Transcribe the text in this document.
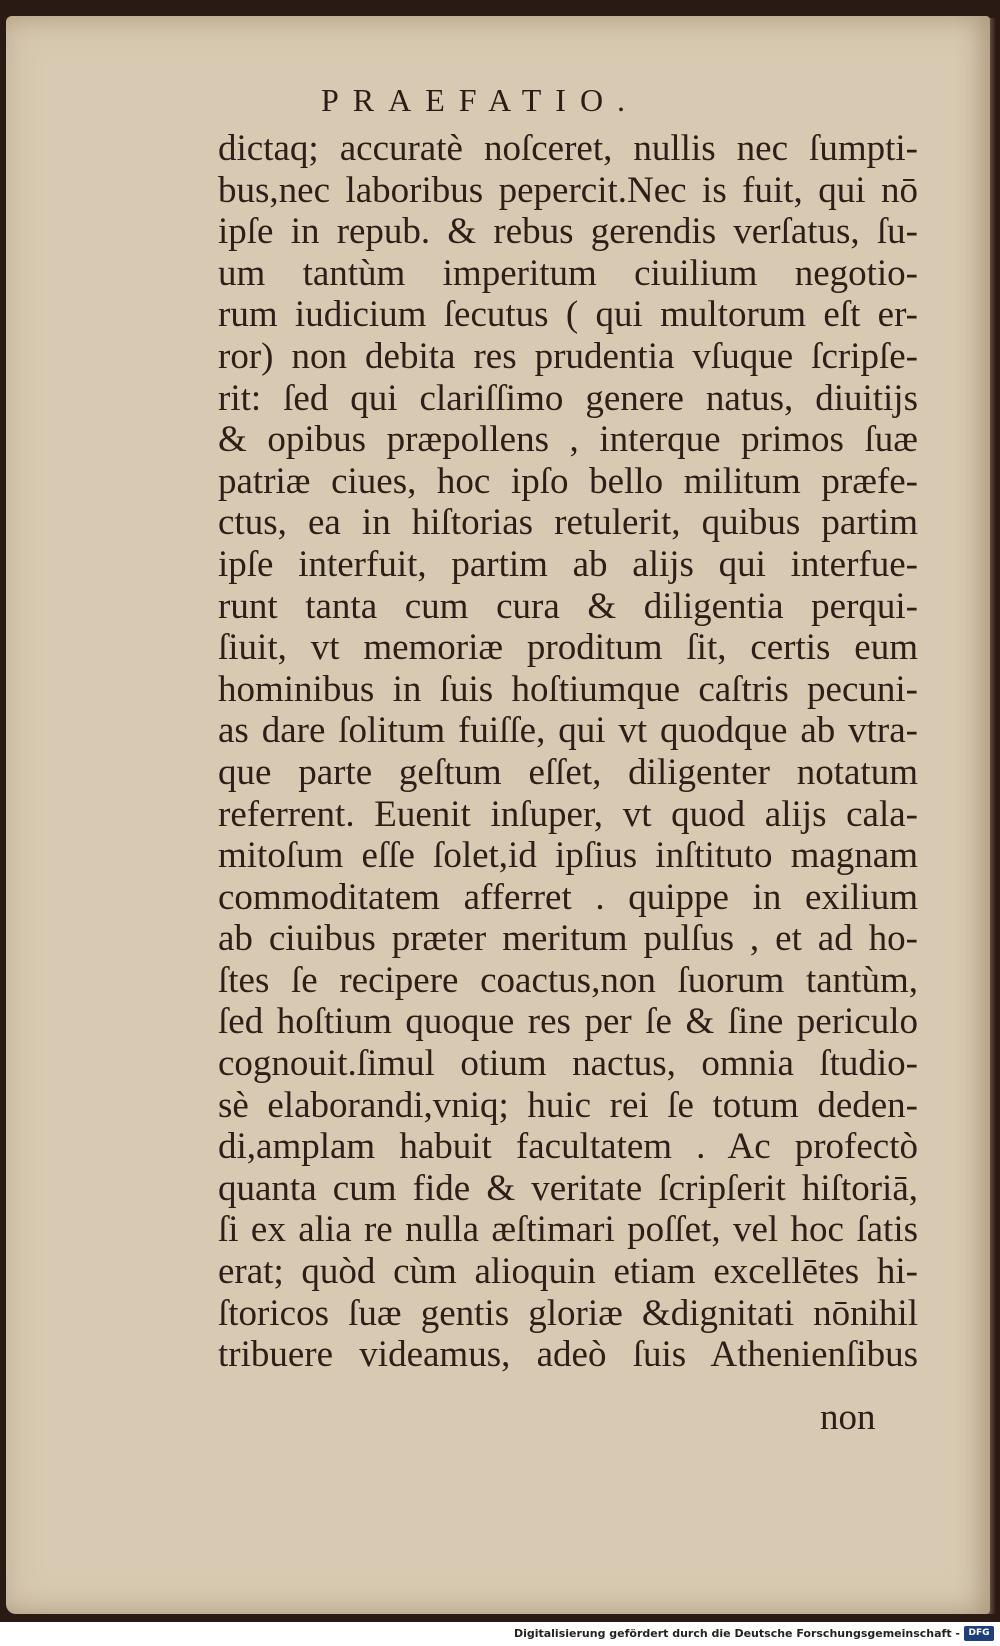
PRAEFATIO.
dictaq; accuratè noſceret, nullis nec ſumpti-
bus,nec laboribus pepercit.Nec is fuit, qui nō
ipſe in repub. & rebus gerendis verſatus, ſu-
um tantùm imperitum ciuilium negotio-
rum iudicium ſecutus ( qui multorum eſt er-
ror) non debita res prudentia vſuque ſcripſe-
rit: ſed qui clariſſimo genere natus, diuitijs
& opibus præpollens , interque primos ſuæ
patriæ ciues, hoc ipſo bello militum præfe-
ctus, ea in hiſtorias retulerit, quibus partim
ipſe interfuit, partim ab alijs qui interfue-
runt tanta cum cura & diligentia perqui-
ſiuit, vt memoriæ proditum ſit, certis eum
hominibus in ſuis hoſtiumque caſtris pecuni-
as dare ſolitum fuiſſe, qui vt quodque ab vtra-
que parte geſtum eſſet, diligenter notatum
referrent. Euenit inſuper, vt quod alijs cala-
mitoſum eſſe ſolet,id ipſius inſtituto magnam
commoditatem afferret . quippe in exilium
ab ciuibus præter meritum pulſus , et ad ho-
ſtes ſe recipere coactus,non ſuorum tantùm,
ſed hoſtium quoque res per ſe & ſine periculo
cognouit.ſimul otium nactus, omnia ſtudio-
sè elaborandi,vniq; huic rei ſe totum deden-
di,amplam habuit facultatem . Ac profectò
quanta cum fide & veritate ſcripſerit hiſtoriā,
ſi ex alia re nulla æſtimari poſſet, vel hoc ſatis
erat; quòd cùm alioquin etiam excellētes hi-
ſtoricos ſuæ gentis gloriæ &dignitati nōnihil
tribuere videamus, adeò ſuis Athenienſibus
non
Digitalisierung gefördert durch die Deutsche Forschungsgemeinschaft - DFG
